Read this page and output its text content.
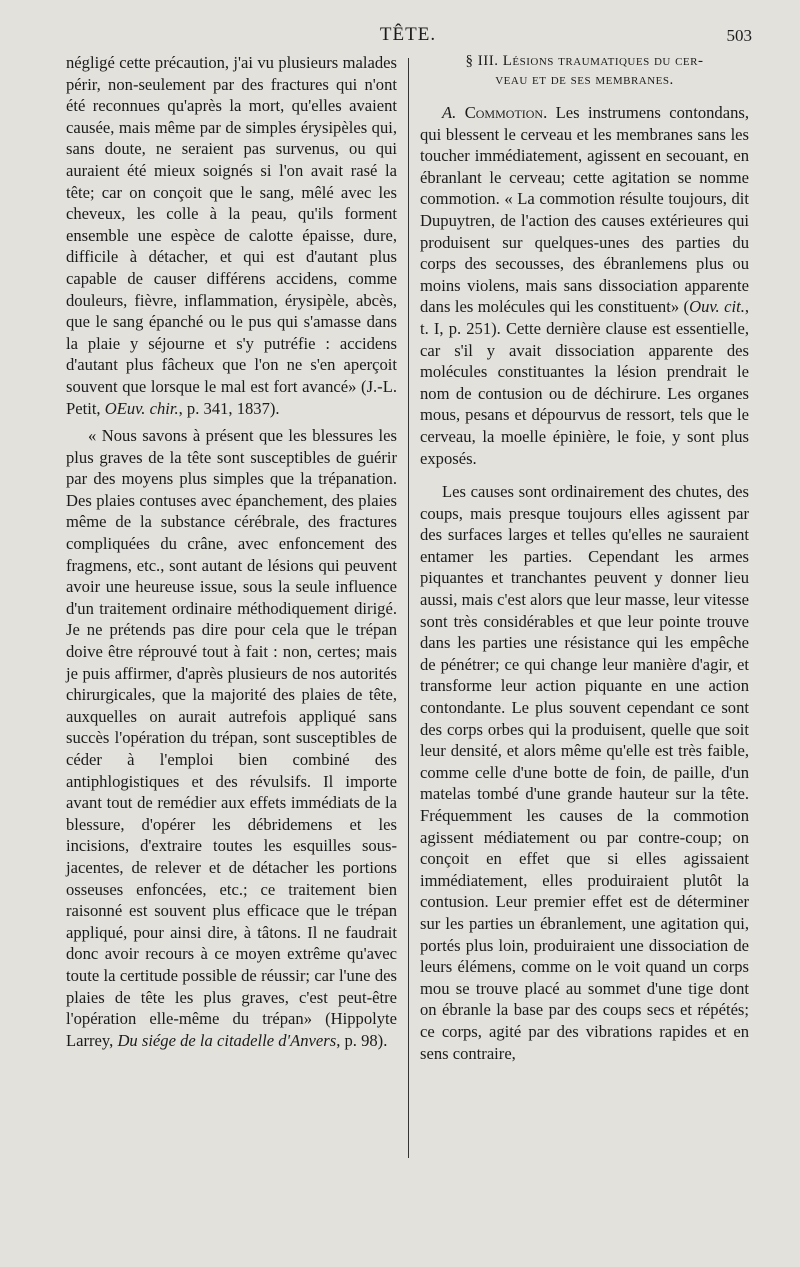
TÊTE.	503

négligé cette précaution, j'ai vu plusieurs malades périr, non-seulement par des fractures qui n'ont été reconnues qu'après la mort, qu'elles avaient causée, mais même par de simples érysipèles qui, sans doute, ne seraient pas survenus, ou qui auraient été mieux soignés si l'on avait rasé la tête; car on conçoit que le sang, mêlé avec les cheveux, les colle à la peau, qu'ils forment ensemble une espèce de calotte épaisse, dure, difficile à détacher, et qui est d'autant plus capable de causer différens accidens, comme douleurs, fièvre, inflammation, érysipèle, abcès, que le sang épanché ou le pus qui s'amasse dans la plaie y séjourne et s'y putréfie : accidens d'autant plus fâcheux que l'on ne s'en aperçoit souvent que lorsque le mal est fort avancé» (J.-L. Petit, OEuv. chir., p. 341, 1837).

« Nous savons à présent que les blessures les plus graves de la tête sont susceptibles de guérir par des moyens plus simples que la trépanation. Des plaies contuses avec épanchement, des plaies même de la substance cérébrale, des fractures compliquées du crâne, avec enfoncement des fragmens, etc., sont autant de lésions qui peuvent avoir une heureuse issue, sous la seule influence d'un traitement ordinaire méthodiquement dirigé. Je ne prétends pas dire pour cela que le trépan doive être réprouvé tout à fait : non, certes; mais je puis affirmer, d'après plusieurs de nos autorités chirurgicales, que la majorité des plaies de tête, auxquelles on aurait autrefois appliqué sans succès l'opération du trépan, sont susceptibles de céder à l'emploi bien combiné des antiphlogistiques et des révulsifs. Il importe avant tout de remédier aux effets immédiats de la blessure, d'opérer les débridemens et les incisions, d'extraire toutes les esquilles sous-jacentes, de relever et de détacher les portions osseuses enfoncées, etc.; ce traitement bien raisonné est souvent plus efficace que le trépan appliqué, pour ainsi dire, à tâtons. Il ne faudrait donc avoir recours à ce moyen extrême qu'avec toute la certitude possible de réussir; car l'une des plaies de tête les plus graves, c'est peut-être l'opération elle-même du trépan» (Hippolyte Larrey, Du siége de la citadelle d'Anvers, p. 98).

§ III. Lésions traumatiques du cer-
veau et de ses membranes.

A. Commotion. Les instrumens contondans, qui blessent le cerveau et les membranes sans les toucher immédiatement, agissent en secouant, en ébranlant le cerveau; cette agitation se nomme commotion. « La commotion résulte toujours, dit Dupuytren, de l'action des causes extérieures qui produisent sur quelques-unes des parties du corps des secousses, des ébranlemens plus ou moins violens, mais sans dissociation apparente dans les molécules qui les constituent» (Ouv. cit., t. I, p. 251). Cette dernière clause est essentielle, car s'il y avait dissociation apparente des molécules constituantes la lésion prendrait le nom de contusion ou de déchirure. Les organes mous, pesans et dépourvus de ressort, tels que le cerveau, la moelle épinière, le foie, y sont plus exposés.

Les causes sont ordinairement des chutes, des coups, mais presque toujours elles agissent par des surfaces larges et telles qu'elles ne sauraient entamer les parties. Cependant les armes piquantes et tranchantes peuvent y donner lieu aussi, mais c'est alors que leur masse, leur vitesse sont très considérables et que leur pointe trouve dans les parties une résistance qui les empêche de pénétrer; ce qui change leur manière d'agir, et transforme leur action piquante en une action contondante. Le plus souvent cependant ce sont des corps orbes qui la produisent, quelle que soit leur densité, et alors même qu'elle est très faible, comme celle d'une botte de foin, de paille, d'un matelas tombé d'une grande hauteur sur la tête. Fréquemment les causes de la commotion agissent médiatement ou par contre-coup; on conçoit en effet que si elles agissaient immédiatement, elles produiraient plutôt la contusion. Leur premier effet est de déterminer sur les parties un ébranlement, une agitation qui, portés plus loin, produiraient une dissociation de leurs élémens, comme on le voit quand un corps mou se trouve placé au sommet d'une tige dont on ébranle la base par des coups secs et répétés; ce corps, agité par des vibrations rapides et en sens contraire,
